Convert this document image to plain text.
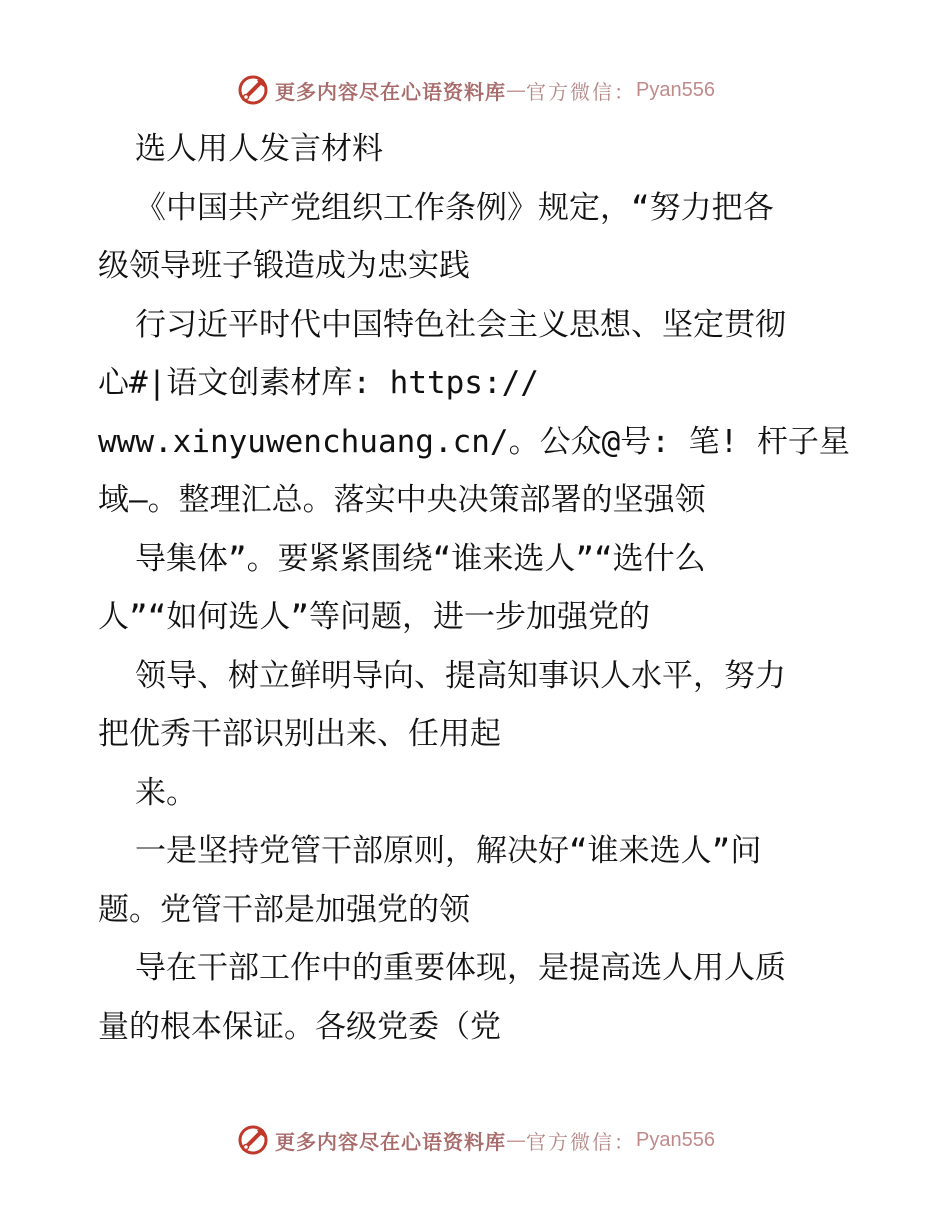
更多内容尽在心语资料库 — 官方微信： Pyan556
选人用人发言材料
《中国共产党组织工作条例》规定，“努力把各
级领导班子锻造成为忠实践
行习近平时代中国特色社会主义思想、坚定贯彻
心#|语文创素材库: https://
www.xinyuwenchuang.cn/。公众@号: 笔! 杆子星
域—。整理汇总。落实中央决策部署的坚强领
导集体”。要紧紧围绕“谁来选人”“选什么
人”“如何选人”等问题，进一步加强党的
领导、树立鲜明导向、提高知事识人水平，努力
把优秀干部识别出来、任用起
来。
一是坚持党管干部原则，解决好“谁来选人”问
题。党管干部是加强党的领
导在干部工作中的重要体现，是提高选人用人质
量的根本保证。各级党委（党
更多内容尽在心语资料库 — 官方微信： Pyan556
